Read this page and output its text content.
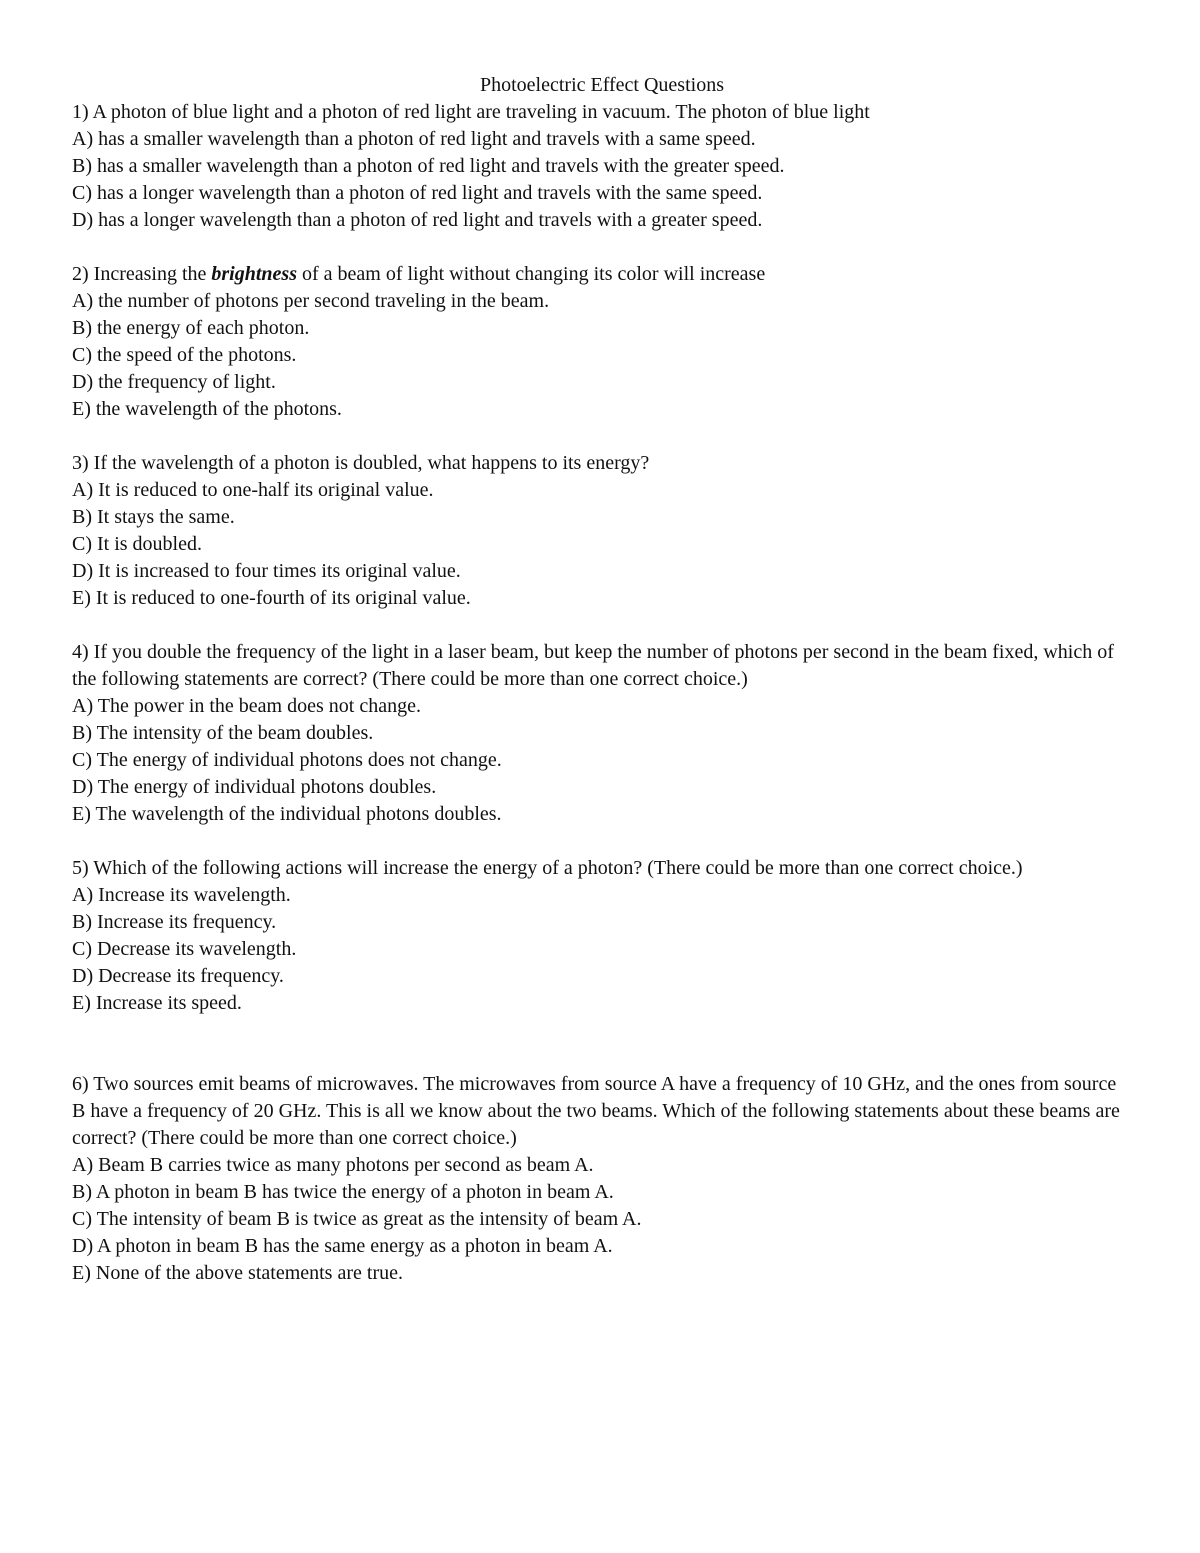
Photoelectric Effect Questions
1) A photon of blue light and a photon of red light are traveling in vacuum. The photon of blue light
A) has a smaller wavelength than a photon of red light and travels with a same speed.
B) has a smaller wavelength than a photon of red light and travels with the greater speed.
C) has a longer wavelength than a photon of red light and travels with the same speed.
D) has a longer wavelength than a photon of red light and travels with a greater speed.
2) Increasing the brightness of a beam of light without changing its color will increase
A) the number of photons per second traveling in the beam.
B) the energy of each photon.
C) the speed of the photons.
D) the frequency of light.
E) the wavelength of the photons.
3) If the wavelength of a photon is doubled, what happens to its energy?
A) It is reduced to one-half its original value.
B) It stays the same.
C) It is doubled.
D) It is increased to four times its original value.
E) It is reduced to one-fourth of its original value.
4) If you double the frequency of the light in a laser beam, but keep the number of photons per second in the beam fixed, which of the following statements are correct? (There could be more than one correct choice.)
A) The power in the beam does not change.
B) The intensity of the beam doubles.
C) The energy of individual photons does not change.
D) The energy of individual photons doubles.
E) The wavelength of the individual photons doubles.
5) Which of the following actions will increase the energy of a photon? (There could be more than one correct choice.)
A) Increase its wavelength.
B) Increase its frequency.
C) Decrease its wavelength.
D) Decrease its frequency.
E) Increase its speed.
6) Two sources emit beams of microwaves. The microwaves from source A have a frequency of 10 GHz, and the ones from source B have a frequency of 20 GHz. This is all we know about the two beams. Which of the following statements about these beams are correct? (There could be more than one correct choice.)
A) Beam B carries twice as many photons per second as beam A.
B) A photon in beam B has twice the energy of a photon in beam A.
C) The intensity of beam B is twice as great as the intensity of beam A.
D) A photon in beam B has the same energy as a photon in beam A.
E) None of the above statements are true.
